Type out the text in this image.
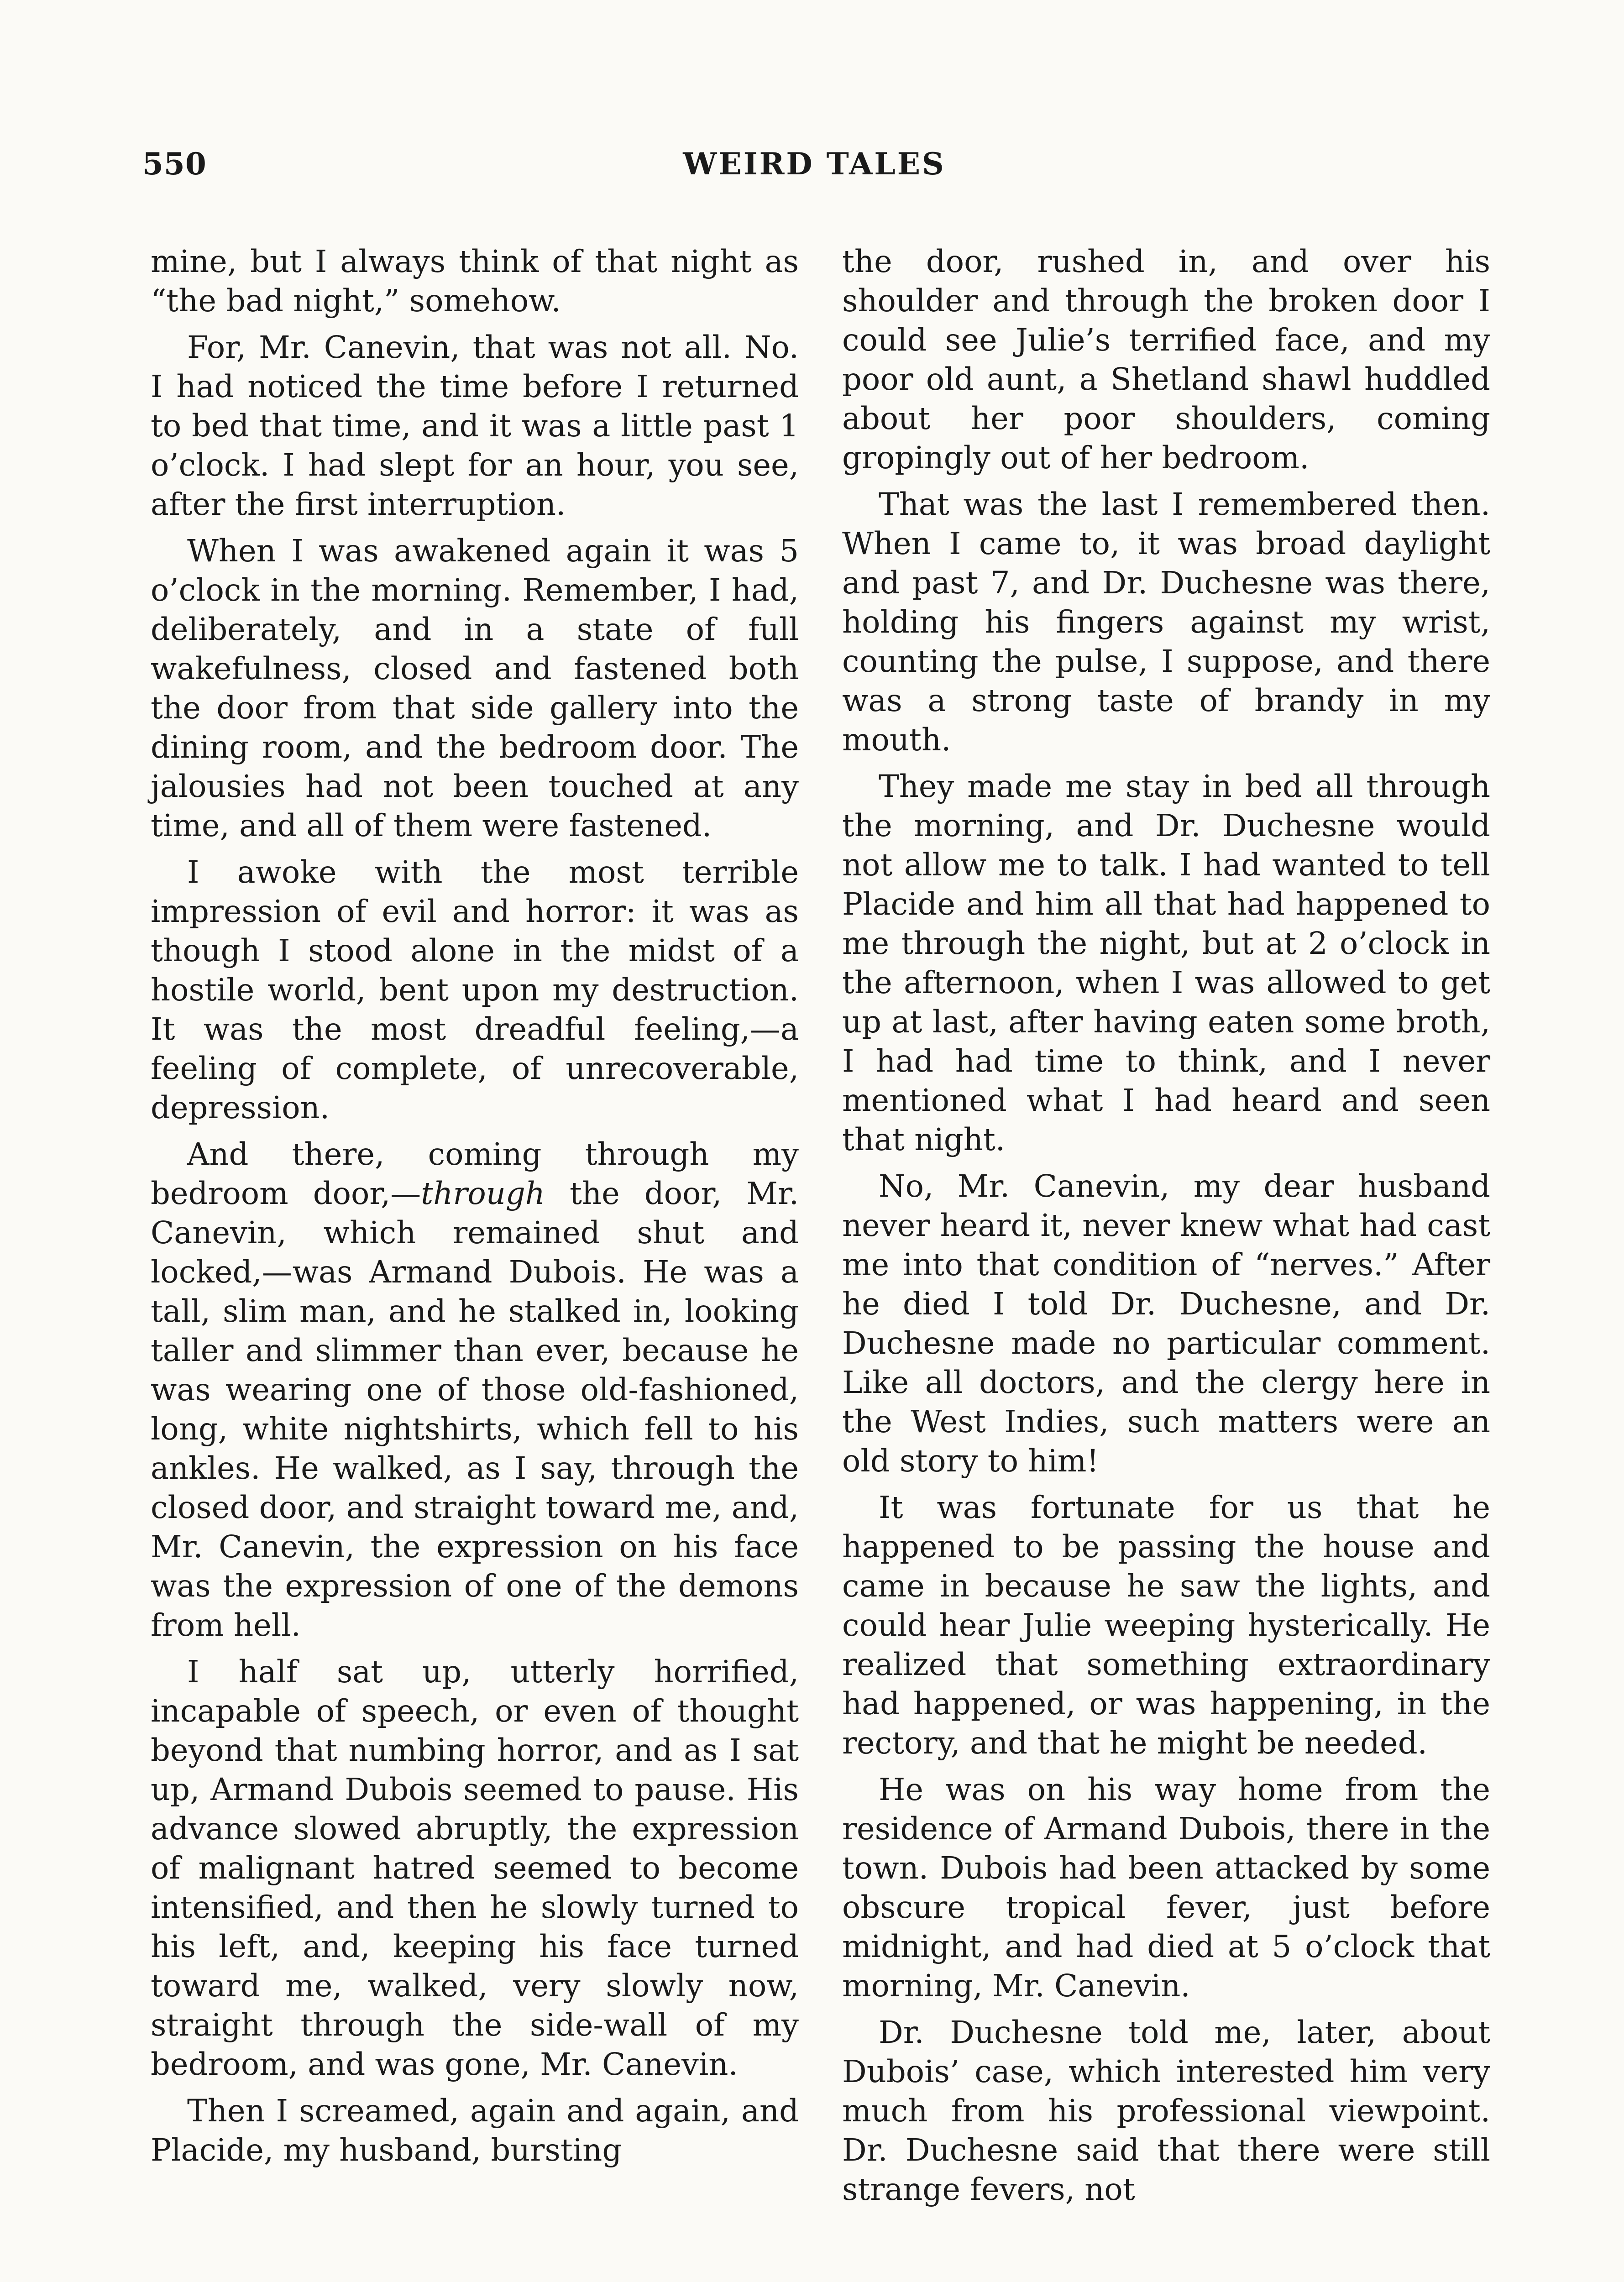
550	WEIRD TALES

mine, but I always think of that night as “the bad night,” somehow.

For, Mr. Canevin, that was not all. No. I had noticed the time before I returned to bed that time, and it was a little past 1 o’clock. I had slept for an hour, you see, after the first interruption.

When I was awakened again it was 5 o’clock in the morning. Remember, I had, deliberately, and in a state of full wakefulness, closed and fastened both the door from that side gallery into the dining room, and the bedroom door. The jalousies had not been touched at any time, and all of them were fastened.

I awoke with the most terrible impression of evil and horror: it was as though I stood alone in the midst of a hostile world, bent upon my destruction. It was the most dreadful feeling,—a feeling of complete, of unrecoverable, depression.

And there, coming through my bedroom door,—through the door, Mr. Canevin, which remained shut and locked,—was Armand Dubois. He was a tall, slim man, and he stalked in, looking taller and slimmer than ever, because he was wearing one of those old-fashioned, long, white nightshirts, which fell to his ankles. He walked, as I say, through the closed door, and straight toward me, and, Mr. Canevin, the expression on his face was the expression of one of the demons from hell.

I half sat up, utterly horrified, incapable of speech, or even of thought beyond that numbing horror, and as I sat up, Armand Dubois seemed to pause. His advance slowed abruptly, the expression of malignant hatred seemed to become intensified, and then he slowly turned to his left, and, keeping his face turned toward me, walked, very slowly now, straight through the side-wall of my bedroom, and was gone, Mr. Canevin.

Then I screamed, again and again, and Placide, my husband, bursting

the door, rushed in, and over his shoulder and through the broken door I could see Julie’s terrified face, and my poor old aunt, a Shetland shawl huddled about her poor shoulders, coming gropingly out of her bedroom.

That was the last I remembered then. When I came to, it was broad daylight and past 7, and Dr. Duchesne was there, holding his fingers against my wrist, counting the pulse, I suppose, and there was a strong taste of brandy in my mouth.

They made me stay in bed all through the morning, and Dr. Duchesne would not allow me to talk. I had wanted to tell Placide and him all that had happened to me through the night, but at 2 o’clock in the afternoon, when I was allowed to get up at last, after having eaten some broth, I had had time to think, and I never mentioned what I had heard and seen that night.

No, Mr. Canevin, my dear husband never heard it, never knew what had cast me into that condition of “nerves.” After he died I told Dr. Duchesne, and Dr. Duchesne made no particular comment. Like all doctors, and the clergy here in the West Indies, such matters were an old story to him!

It was fortunate for us that he happened to be passing the house and came in because he saw the lights, and could hear Julie weeping hysterically. He realized that something extraordinary had happened, or was happening, in the rectory, and that he might be needed.

He was on his way home from the residence of Armand Dubois, there in the town. Dubois had been attacked by some obscure tropical fever, just before midnight, and had died at 5 o’clock that morning, Mr. Canevin.

Dr. Duchesne told me, later, about Dubois’ case, which interested him very much from his professional viewpoint. Dr. Duchesne said that there were still strange fevers, not
